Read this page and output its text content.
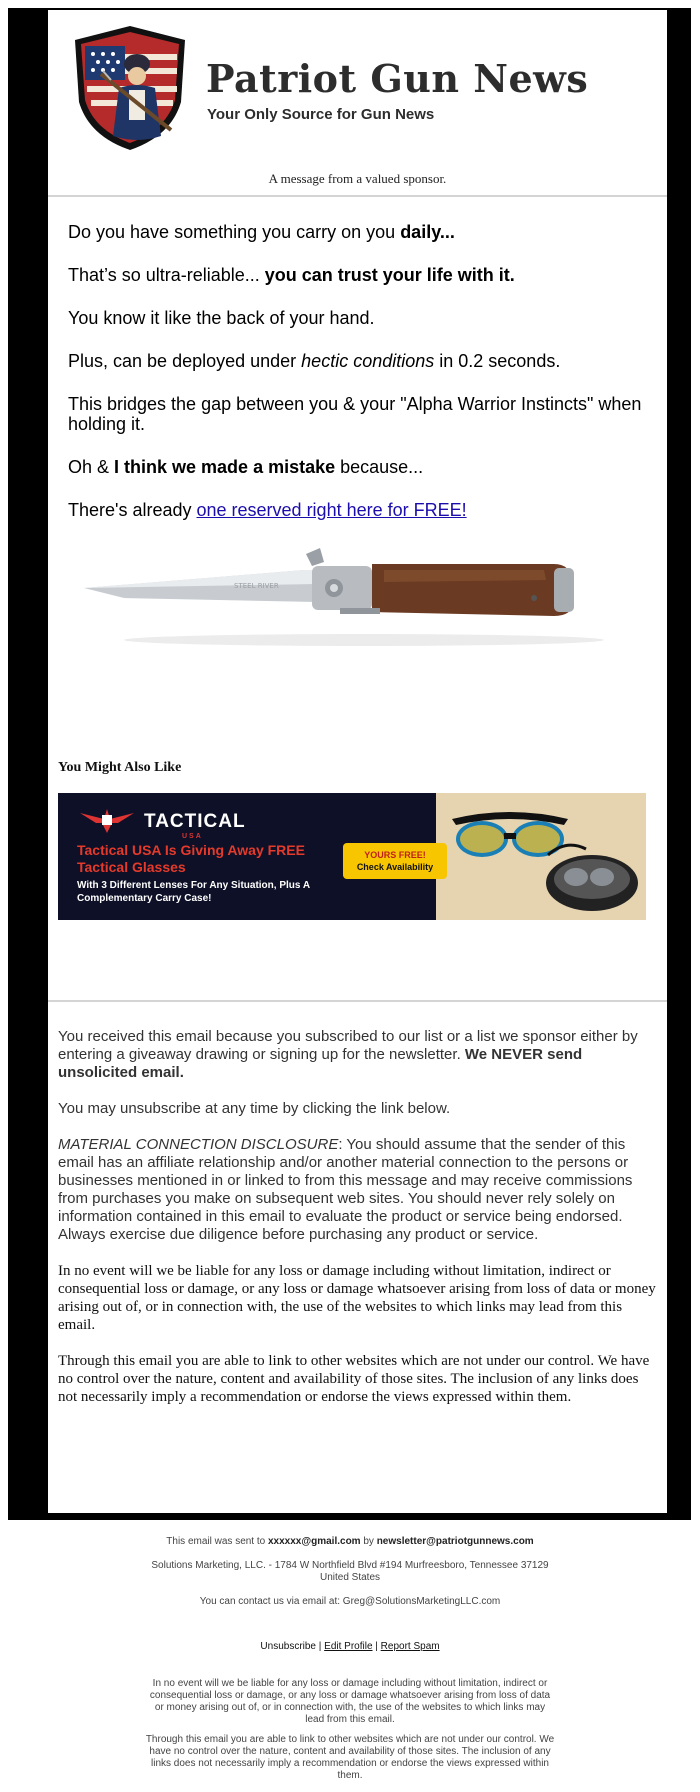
Patriot Gun News
Your Only Source for Gun News
A message from a valued sponsor.

Do you have something you carry on you daily...

That’s so ultra-reliable... you can trust your life with it.

You know it like the back of your hand.

Plus, can be deployed under hectic conditions in 0.2 seconds.

This bridges the gap between you & your "Alpha Warrior Instincts" when holding it.

Oh & I think we made a mistake because...

There's already one reserved right here for FREE!

STEEL RIVER
You Might Also Like
TACTICAL
USA
Tactical USA Is Giving Away FREE Tactical Glasses
With 3 Different Lenses For Any Situation, Plus A Complementary Carry Case!
YOURS FREE!
Check Availability

You received this email because you subscribed to our list or a list we sponsor either by entering a giveaway drawing or signing up for the newsletter. We NEVER send unsolicited email.

You may unsubscribe at any time by clicking the link below.

MATERIAL CONNECTION DISCLOSURE: You should assume that the sender of this email has an affiliate relationship and/or another material connection to the persons or businesses mentioned in or linked to from this message and may receive commissions from purchases you make on subsequent web sites. You should never rely solely on information contained in this email to evaluate the product or service being endorsed. Always exercise due diligence before purchasing any product or service.

In no event will we be liable for any loss or damage including without limitation, indirect or consequential loss or damage, or any loss or damage whatsoever arising from loss of data or money arising out of, or in connection with, the use of the websites to which links may lead from this email.

Through this email you are able to link to other websites which are not under our control. We have no control over the nature, content and availability of those sites. The inclusion of any links does not necessarily imply a recommendation or endorse the views expressed within them.

This email was sent to xxxxxx@gmail.com by newsletter@patriotgunnews.com
Solutions Marketing, LLC. - 1784 W Northfield Blvd #194 Murfreesboro, Tennessee 37129 United States
You can contact us via email at: Greg@SolutionsMarketingLLC.com
Unsubscribe | Edit Profile | Report Spam
In no event will we be liable for any loss or damage including without limitation, indirect or consequential loss or damage, or any loss or damage whatsoever arising from loss of data or money arising out of, or in connection with, the use of the websites to which links may lead from this email.
Through this email you are able to link to other websites which are not under our control. We have no control over the nature, content and availability of those sites. The inclusion of any links does not necessarily imply a recommendation or endorse the views expressed within them.
